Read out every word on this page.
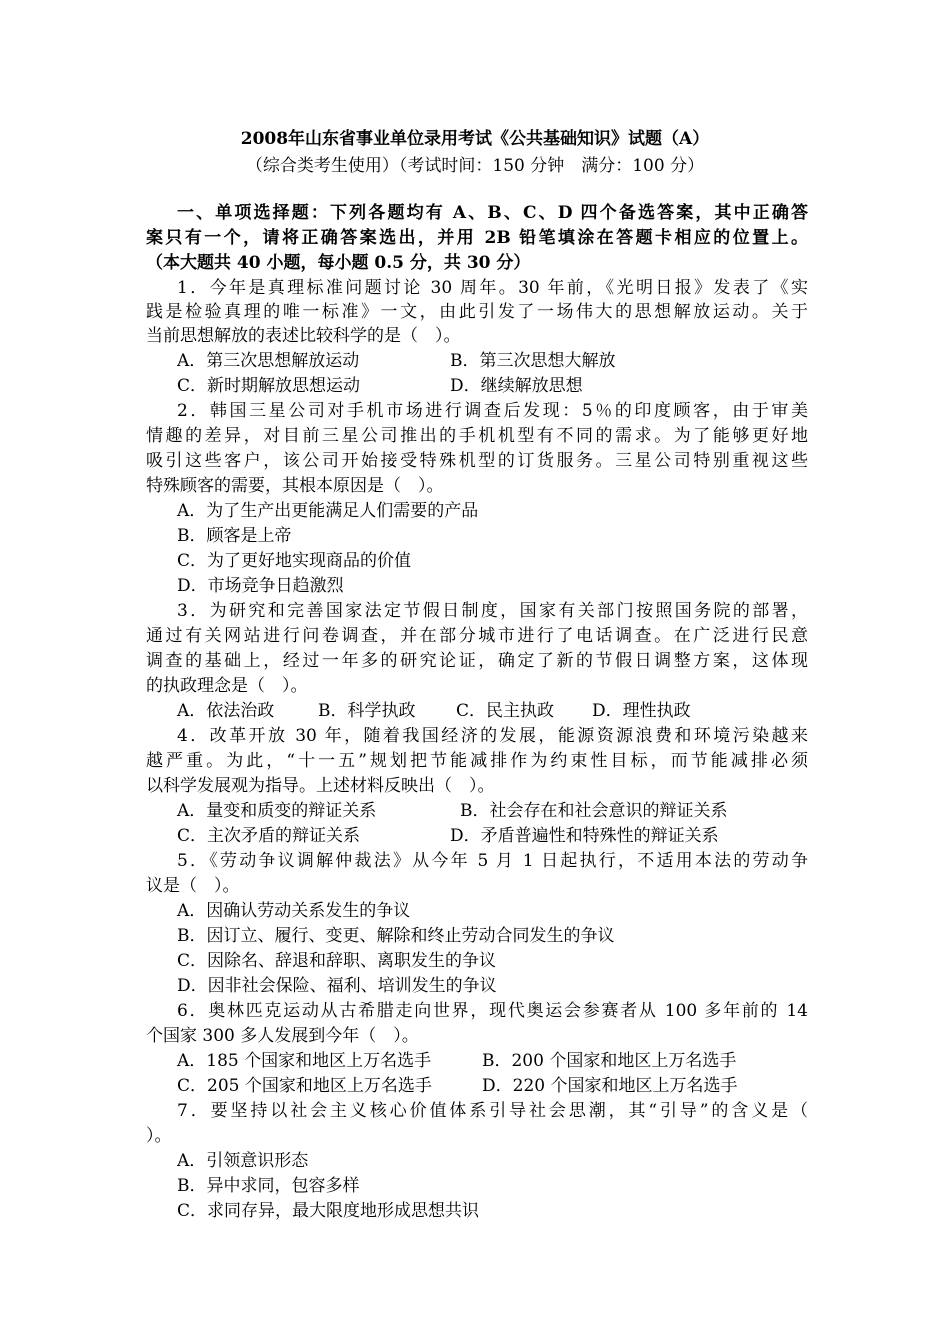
2008年山东省事业单位录用考试《公共基础知识》试题（A）
（综合类考生使用）（考试时间：150 分钟　满分：100 分）
一、单项选择题：下列各题均有 A、B、C、D 四个备选答案，其中正确答
案只有一个，请将正确答案选出，并用 2B 铅笔填涂在答题卡相应的位置上。
（本大题共 40 小题，每小题 0.5 分，共 30 分）
1．今年是真理标准问题讨论 30 周年。30 年前，《光明日报》发表了《实
践是检验真理的唯一标准》一文，由此引发了一场伟大的思想解放运动。关于
当前思想解放的表述比较科学的是（　）。
A．第三次思想解放运动	B．第三次思想大解放
C．新时期解放思想运动	D．继续解放思想
2．韩国三星公司对手机市场进行调查后发现：5％的印度顾客，由于审美
情趣的差异，对目前三星公司推出的手机机型有不同的需求。为了能够更好地
吸引这些客户，该公司开始接受特殊机型的订货服务。三星公司特别重视这些
特殊顾客的需要，其根本原因是（　）。
A．为了生产出更能满足人们需要的产品
B．顾客是上帝
C．为了更好地实现商品的价值
D．市场竞争日趋激烈
3．为研究和完善国家法定节假日制度，国家有关部门按照国务院的部署，
通过有关网站进行问卷调查，并在部分城市进行了电话调查。在广泛进行民意
调查的基础上，经过一年多的研究论证，确定了新的节假日调整方案，这体现
的执政理念是（　）。
A．依法治政	B．科学执政 C．民主执政 D．理性执政
4．改革开放 30 年，随着我国经济的发展，能源资源浪费和环境污染越来
越严重。为此，“十一五”规划把节能减排作为约束性目标，而节能减排必须
以科学发展观为指导。上述材料反映出（　）。
A．量变和质变的辩证关系	B．社会存在和社会意识的辩证关系
C．主次矛盾的辩证关系	D．矛盾普遍性和特殊性的辩证关系
5．《劳动争议调解仲裁法》从今年 5 月 1 日起执行，不适用本法的劳动争
议是（　）。
A．因确认劳动关系发生的争议
B．因订立、履行、变更、解除和终止劳动合同发生的争议
C．因除名、辞退和辞职、离职发生的争议
D．因非社会保险、福利、培训发生的争议
6．奥林匹克运动从古希腊走向世界，现代奥运会参赛者从 100 多年前的 14
个国家 300 多人发展到今年（　）。
A．185 个国家和地区上万名选手	B．200 个国家和地区上万名选手
C．205 个国家和地区上万名选手	D．220 个国家和地区上万名选手
7．要坚持以社会主义核心价值体系引导社会思潮，其“引导”的含义是（
）。
A．引领意识形态
B．异中求同，包容多样
C．求同存异，最大限度地形成思想共识
